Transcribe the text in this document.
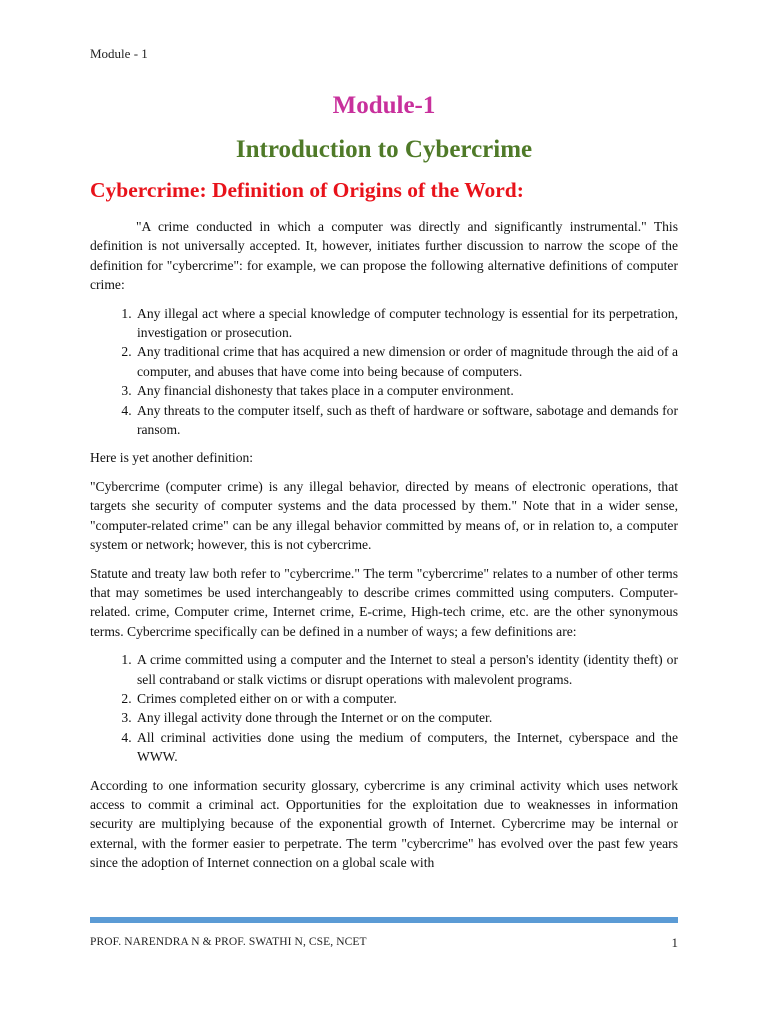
Module - 1
Module-1
Introduction to Cybercrime
Cybercrime: Definition of Origins of the Word:

"A crime conducted in which a computer was directly and significantly instrumental." This definition is not universally accepted. It, however, initiates further discussion to narrow the scope of the definition for "cybercrime": for example, we can propose the following alternative definitions of computer crime:

1. Any illegal act where a special knowledge of computer technology is essential for its perpetration, investigation or prosecution.
2. Any traditional crime that has acquired a new dimension or order of magnitude through the aid of a computer, and abuses that have come into being because of computers.
3. Any financial dishonesty that takes place in a computer environment.
4. Any threats to the computer itself, such as theft of hardware or software, sabotage and demands for ransom.

Here is yet another definition:

"Cybercrime (computer crime) is any illegal behavior, directed by means of electronic operations, that targets she security of computer systems and the data processed by them." Note that in a wider sense, "computer-related crime" can be any illegal behavior committed by means of, or in relation to, a computer system or network; however, this is not cybercrime.

Statute and treaty law both refer to "cybercrime." The term "cybercrime" relates to a number of other terms that may sometimes be used interchangeably to describe crimes committed using computers. Computer-related. crime, Computer crime, Internet crime, E-crime, High-tech crime, etc. are the other synonymous terms. Cybercrime specifically can be defined in a number of ways; a few definitions are:

1. A crime committed using a computer and the Internet to steal a person's identity (identity theft) or sell contraband or stalk victims or disrupt operations with malevolent programs.
2. Crimes completed either on or with a computer.
3. Any illegal activity done through the Internet or on the computer.
4. All criminal activities done using the medium of computers, the Internet, cyberspace and the WWW.

According to one information security glossary, cybercrime is any criminal activity which uses network access to commit a criminal act. Opportunities for the exploitation due to weaknesses in information security are multiplying because of the exponential growth of Internet. Cybercrime may be internal or external, with the former easier to perpetrate. The term "cybercrime" has evolved over the past few years since the adoption of Internet connection on a global scale with

PROF. NARENDRA N & PROF. SWATHI N, CSE, NCET	1
